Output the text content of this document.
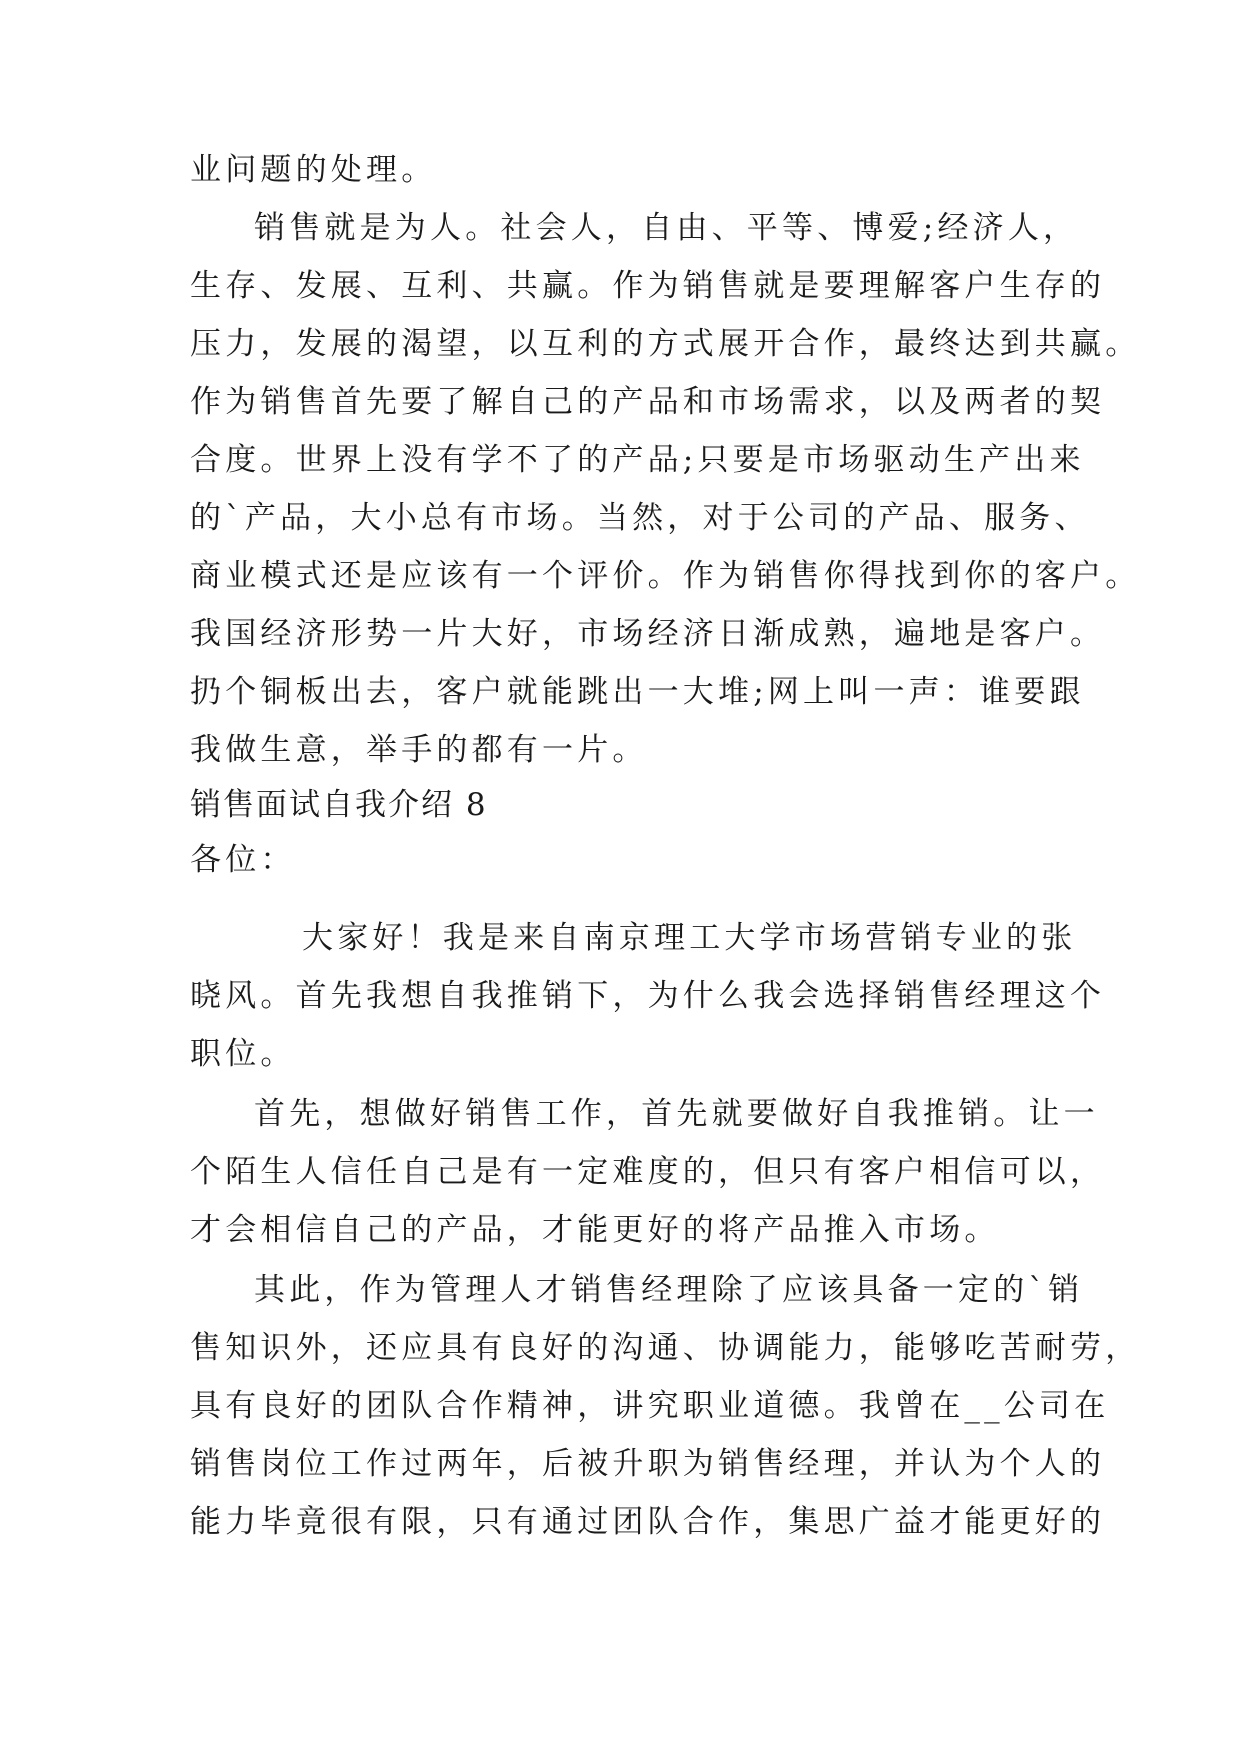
业问题的处理。

销售就是为人。社会人，自由、平等、博爱;经济人，

生存、发展、互利、共赢。作为销售就是要理解客户生存的

压力，发展的渴望，以互利的方式展开合作，最终达到共赢。

作为销售首先要了解自己的产品和市场需求，以及两者的契

合度。世界上没有学不了的产品;只要是市场驱动生产出来

的`产品，大小总有市场。当然，对于公司的产品、服务、

商业模式还是应该有一个评价。作为销售你得找到你的客户。

我国经济形势一片大好，市场经济日渐成熟，遍地是客户。

扔个铜板出去，客户就能跳出一大堆;网上叫一声：谁要跟

我做生意，举手的都有一片。

销售面试自我介绍 8

各位：

大家好！我是来自南京理工大学市场营销专业的张

晓风。首先我想自我推销下，为什么我会选择销售经理这个

职位。

首先，想做好销售工作，首先就要做好自我推销。让一

个陌生人信任自己是有一定难度的，但只有客户相信可以，

才会相信自己的产品，才能更好的将产品推入市场。

其此，作为管理人才销售经理除了应该具备一定的`销

售知识外，还应具有良好的沟通、协调能力，能够吃苦耐劳，

具有良好的团队合作精神，讲究职业道德。我曾在__公司在

销售岗位工作过两年，后被升职为销售经理，并认为个人的

能力毕竟很有限，只有通过团队合作，集思广益才能更好的
